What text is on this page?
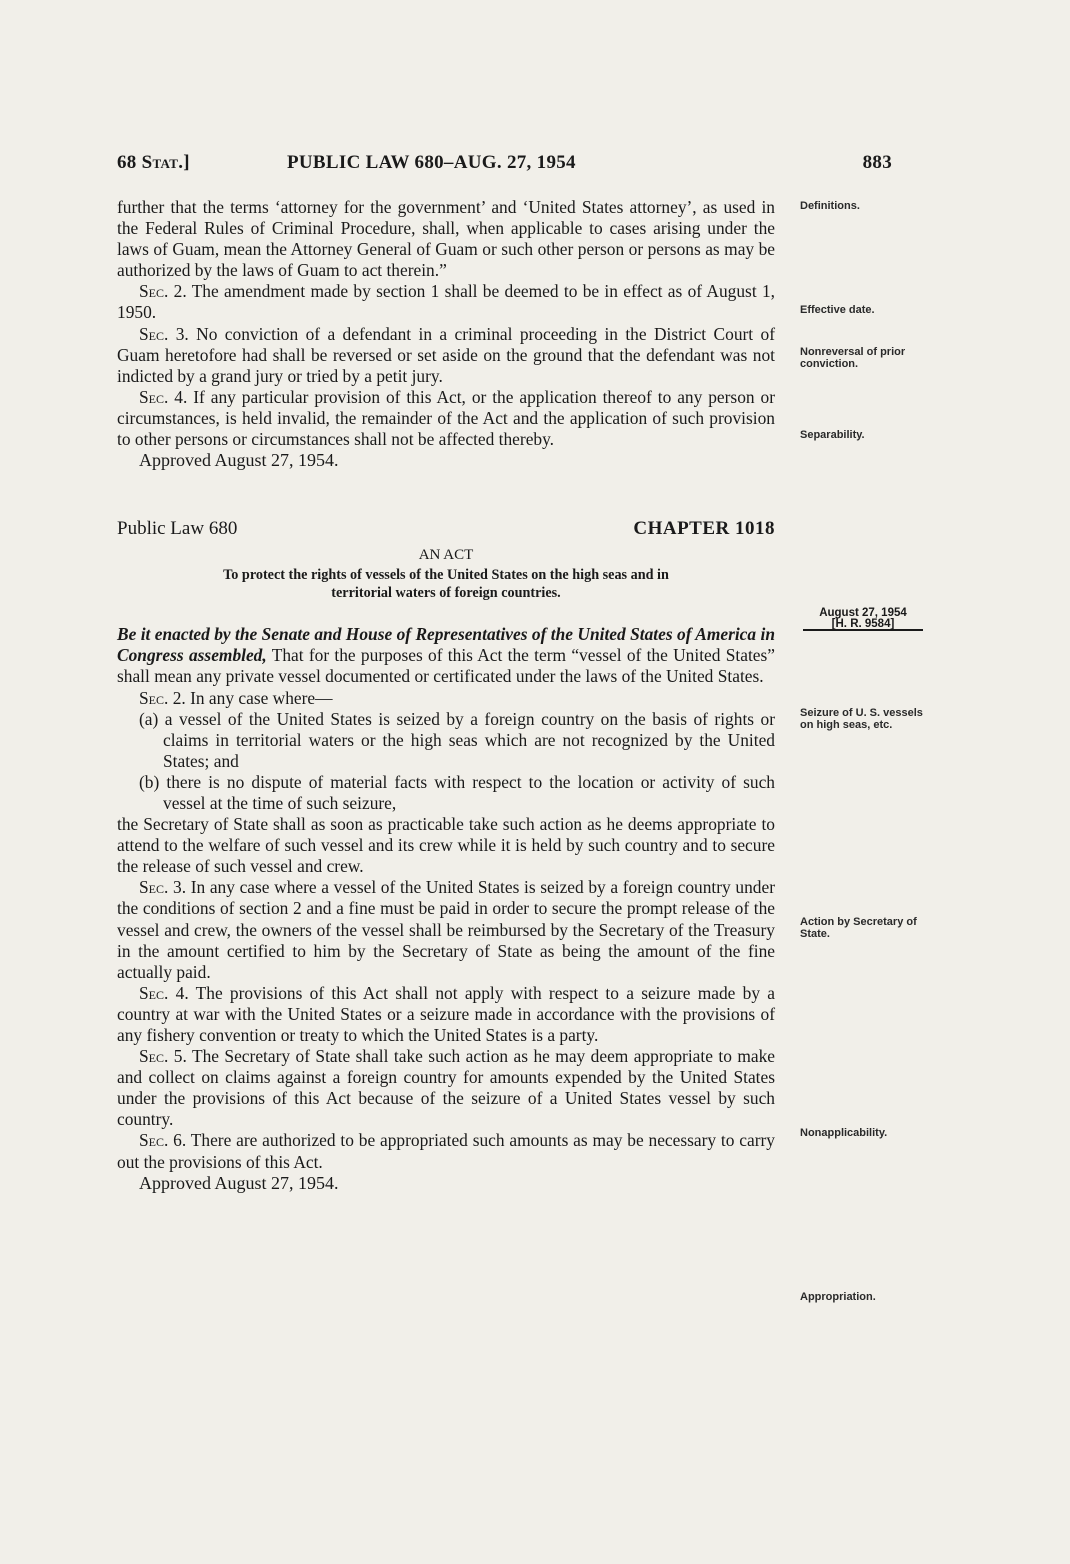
68 Stat.]	PUBLIC LAW 680–AUG. 27, 1954	883

further that the terms ‘attorney for the government’ and ‘United States attorney’, as used in the Federal Rules of Criminal Procedure, shall, when applicable to cases arising under the laws of Guam, mean the Attorney General of Guam or such other person or persons as may be authorized by the laws of Guam to act therein.”

Sec. 2. The amendment made by section 1 shall be deemed to be in effect as of August 1, 1950.

Sec. 3. No conviction of a defendant in a criminal proceeding in the District Court of Guam heretofore had shall be reversed or set aside on the ground that the defendant was not indicted by a grand jury or tried by a petit jury.

Sec. 4. If any particular provision of this Act, or the application thereof to any person or circumstances, is held invalid, the remainder of the Act and the application of such provision to other persons or circumstances shall not be affected thereby.

Approved August 27, 1954.

Public Law 680	CHAPTER 1018
AN ACT
To protect the rights of vessels of the United States on the high seas and in
territorial waters of foreign countries.

Be it enacted by the Senate and House of Representatives of the United States of America in Congress assembled, That for the purposes of this Act the term “vessel of the United States” shall mean any private vessel documented or certificated under the laws of the United States.

Sec. 2. In any case where—

(a) a vessel of the United States is seized by a foreign country on the basis of rights or claims in territorial waters or the high seas which are not recognized by the United States; and

(b) there is no dispute of material facts with respect to the location or activity of such vessel at the time of such seizure,

the Secretary of State shall as soon as practicable take such action as he deems appropriate to attend to the welfare of such vessel and its crew while it is held by such country and to secure the release of such vessel and crew.

Sec. 3. In any case where a vessel of the United States is seized by a foreign country under the conditions of section 2 and a fine must be paid in order to secure the prompt release of the vessel and crew, the owners of the vessel shall be reimbursed by the Secretary of the Treasury in the amount certified to him by the Secretary of State as being the amount of the fine actually paid.

Sec. 4. The provisions of this Act shall not apply with respect to a seizure made by a country at war with the United States or a seizure made in accordance with the provisions of any fishery convention or treaty to which the United States is a party.

Sec. 5. The Secretary of State shall take such action as he may deem appropriate to make and collect on claims against a foreign country for amounts expended by the United States under the provisions of this Act because of the seizure of a United States vessel by such country.

Sec. 6. There are authorized to be appropriated such amounts as may be necessary to carry out the provisions of this Act.

Approved August 27, 1954.

Definitions.
Effective date.
Nonreversal of prior conviction.
Separability.
August 27, 1954
[H. R. 9584]
Seizure of U. S. vessels on high seas, etc.
Action by Secretary of State.
Nonapplicability.
Appropriation.
